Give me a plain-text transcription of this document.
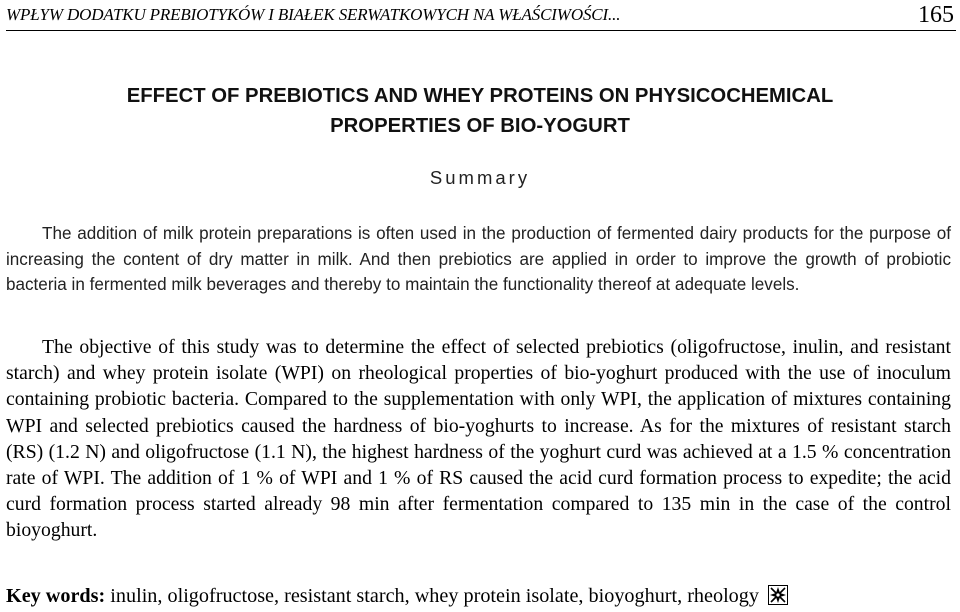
WPŁYW DODATKU PREBIOTYKÓW I BIAŁEK SERWATKOWYCH NA WŁAŚCIWOŚCI...	165
EFFECT OF PREBIOTICS AND WHEY PROTEINS ON PHYSICOCHEMICAL
PROPERTIES OF BIO-YOGURT
Summary

The addition of milk protein preparations is often used in the production of fermented dairy products for the purpose of increasing the content of dry matter in milk. And then prebiotics are applied in order to improve the growth of probiotic bacteria in fermented milk beverages and thereby to maintain the functionality thereof at adequate levels.

The objective of this study was to determine the effect of selected prebiotics (oligofructose, inulin, and resistant starch) and whey protein isolate (WPI) on rheological properties of bio-yoghurt produced with the use of inoculum containing probiotic bacteria. Compared to the supplementation with only WPI, the application of mixtures containing WPI and selected prebiotics caused the hardness of bio-yoghurts to increase. As for the mixtures of resistant starch (RS) (1.2 N) and oligofructose (1.1 N), the highest hardness of the yoghurt curd was achieved at a 1.5 % concentration rate of WPI. The addition of 1 % of WPI and 1 % of RS caused the acid curd formation process to expedite; the acid curd formation process started already 98 min after fermentation compared to 135 min in the case of the control bioyoghurt.

Key words: inulin, oligofructose, resistant starch, whey protein isolate, bioyoghurt, rheology
